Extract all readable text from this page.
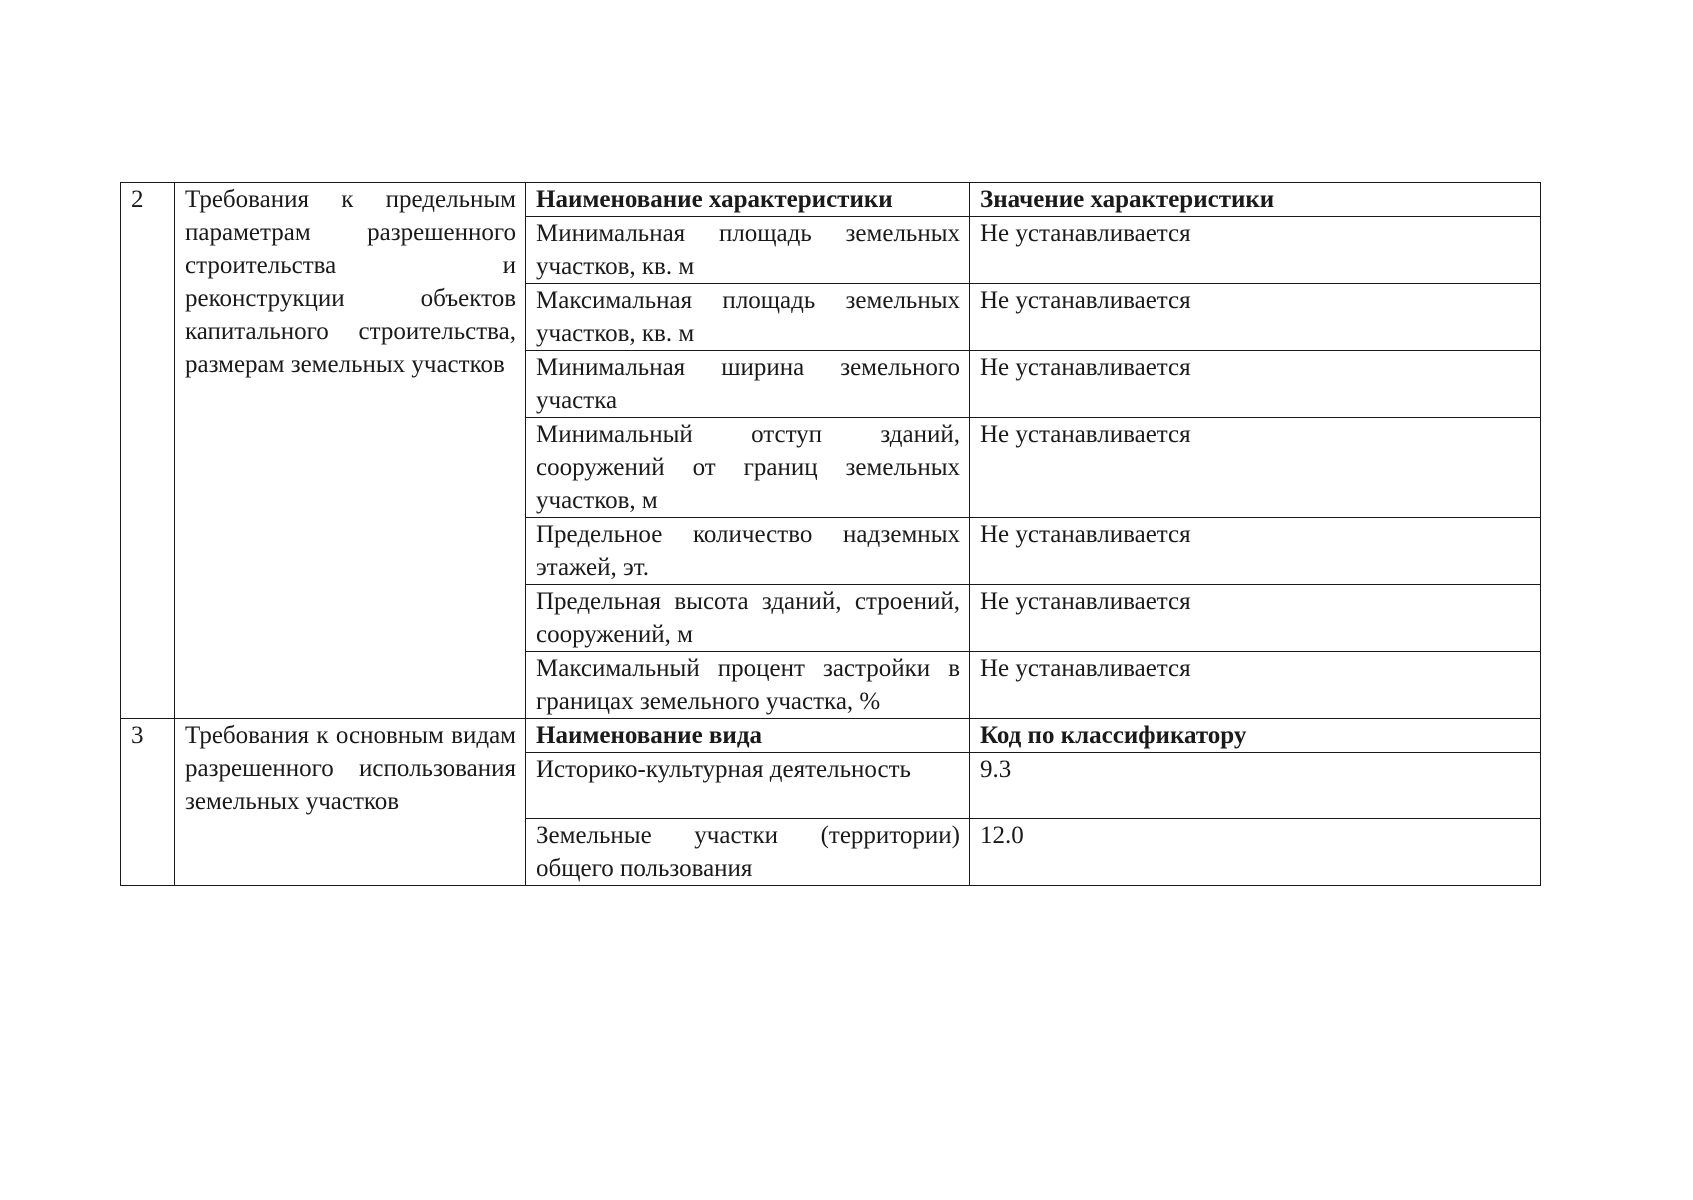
2	Требования к предельным параметрам разрешенного строительства и реконструкции объектов капитального строительства, размерам земельных участков	Наименование характеристики	Значение характеристики
		Минимальная площадь земельных участков, кв. м	Не устанавливается
		Максимальная площадь земельных участков, кв. м	Не устанавливается
		Минимальная ширина земельного участка	Не устанавливается
		Минимальный отступ зданий, сооружений от границ земельных участков, м	Не устанавливается
		Предельное количество надземных этажей, эт.	Не устанавливается
		Предельная высота зданий, строений, сооружений, м	Не устанавливается
		Максимальный процент застройки в границах земельного участка, %	Не устанавливается
3	Требования к основным видам разрешенного использования земельных участков	Наименование вида	Код по классификатору
		Историко-культурная деятельность	9.3
		Земельные участки (территории) общего пользования	12.0
